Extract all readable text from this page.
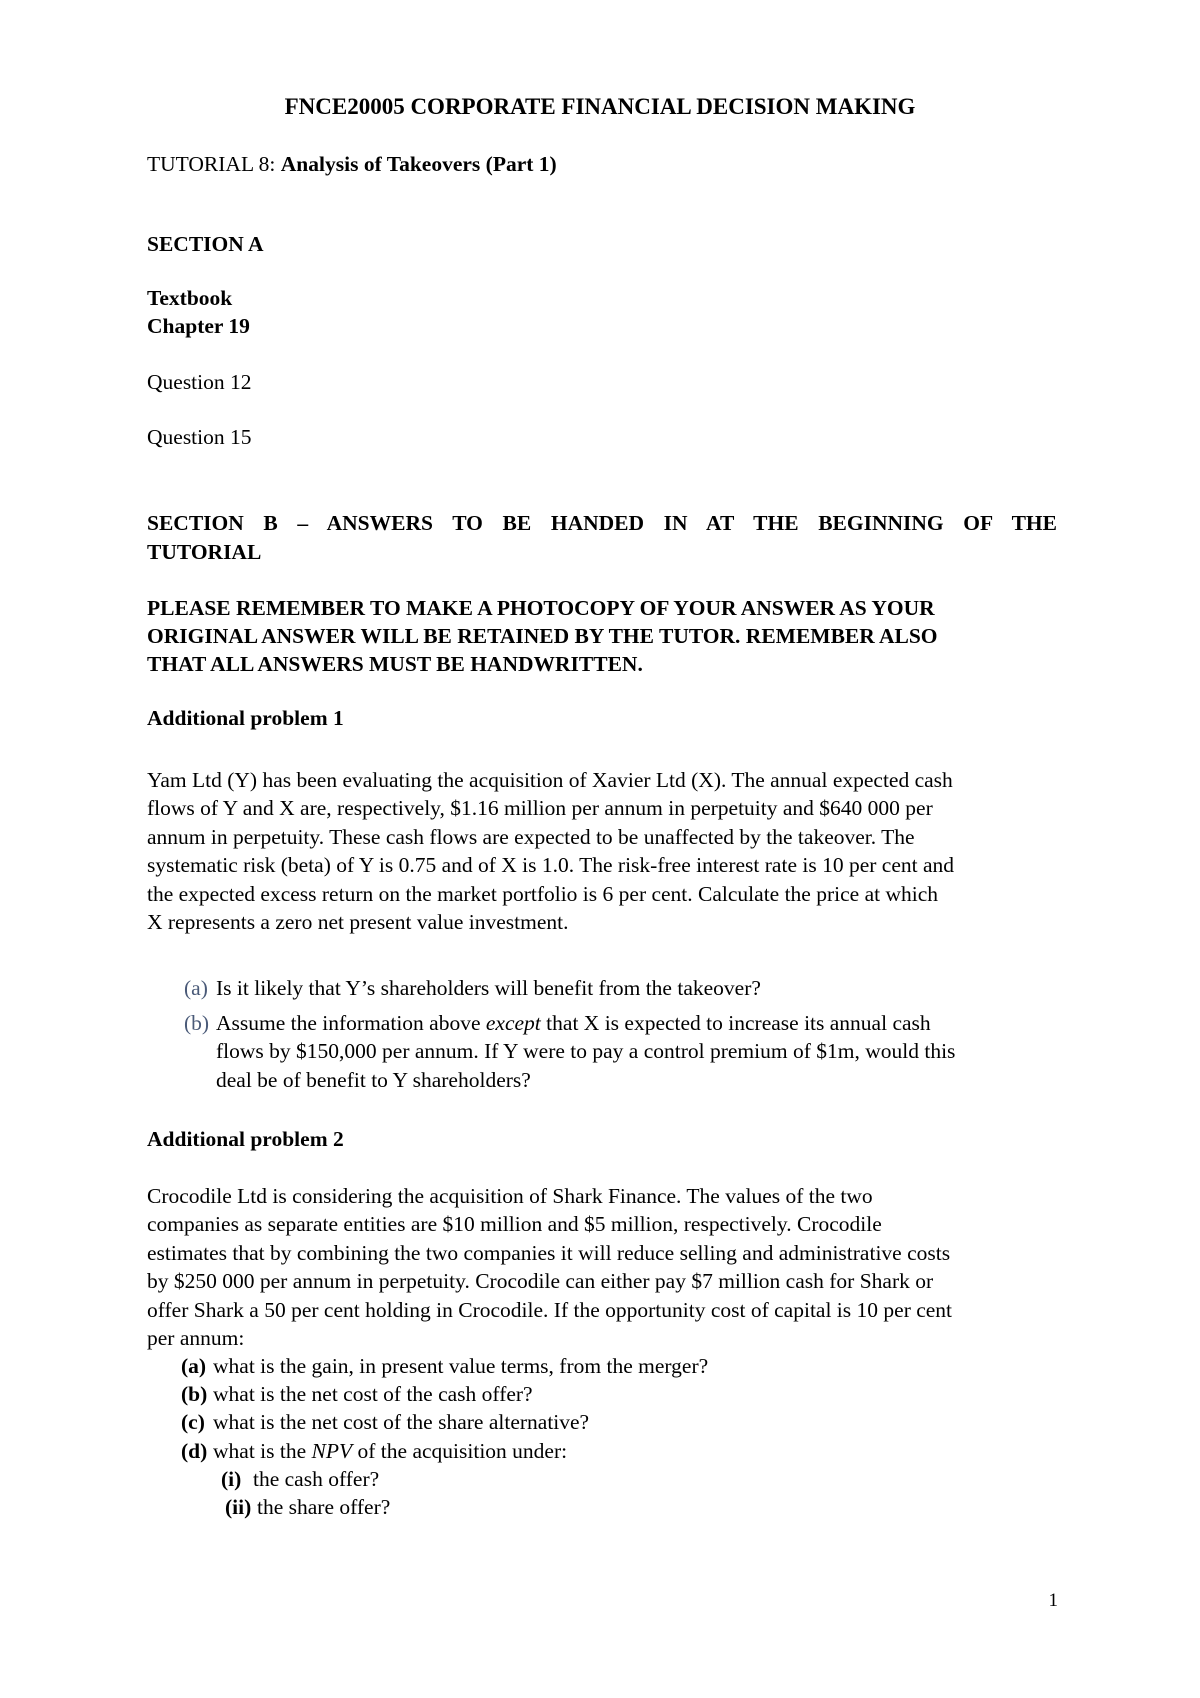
FNCE20005 CORPORATE FINANCIAL DECISION MAKING
TUTORIAL 8: Analysis of Takeovers (Part 1)
SECTION A
Textbook
Chapter 19
Question 12
Question 15
SECTION B – ANSWERS TO BE HANDED IN AT THE BEGINNING OF THE
TUTORIAL
PLEASE REMEMBER TO MAKE A PHOTOCOPY OF YOUR ANSWER AS YOUR
ORIGINAL ANSWER WILL BE RETAINED BY THE TUTOR. REMEMBER ALSO
THAT ALL ANSWERS MUST BE HANDWRITTEN.
Additional problem 1
Yam Ltd (Y) has been evaluating the acquisition of Xavier Ltd (X). The annual expected cash
flows of Y and X are, respectively, $1.16 million per annum in perpetuity and $640 000 per
annum in perpetuity. These cash flows are expected to be unaffected by the takeover. The
systematic risk (beta) of Y is 0.75 and of X is 1.0. The risk-free interest rate is 10 per cent and
the expected excess return on the market portfolio is 6 per cent. Calculate the price at which
X represents a zero net present value investment.
(a) Is it likely that Y’s shareholders will benefit from the takeover?
(b) Assume the information above except that X is expected to increase its annual cash
flows by $150,000 per annum. If Y were to pay a control premium of $1m, would this
deal be of benefit to Y shareholders?
Additional problem 2
Crocodile Ltd is considering the acquisition of Shark Finance. The values of the two
companies as separate entities are $10 million and $5 million, respectively. Crocodile
estimates that by combining the two companies it will reduce selling and administrative costs
by $250 000 per annum in perpetuity. Crocodile can either pay $7 million cash for Shark or
offer Shark a 50 per cent holding in Crocodile. If the opportunity cost of capital is 10 per cent
per annum:
(a) what is the gain, in present value terms, from the merger?
(b) what is the net cost of the cash offer?
(c) what is the net cost of the share alternative?
(d) what is the NPV of the acquisition under:
(i) the cash offer?
(ii) the share offer?
1
